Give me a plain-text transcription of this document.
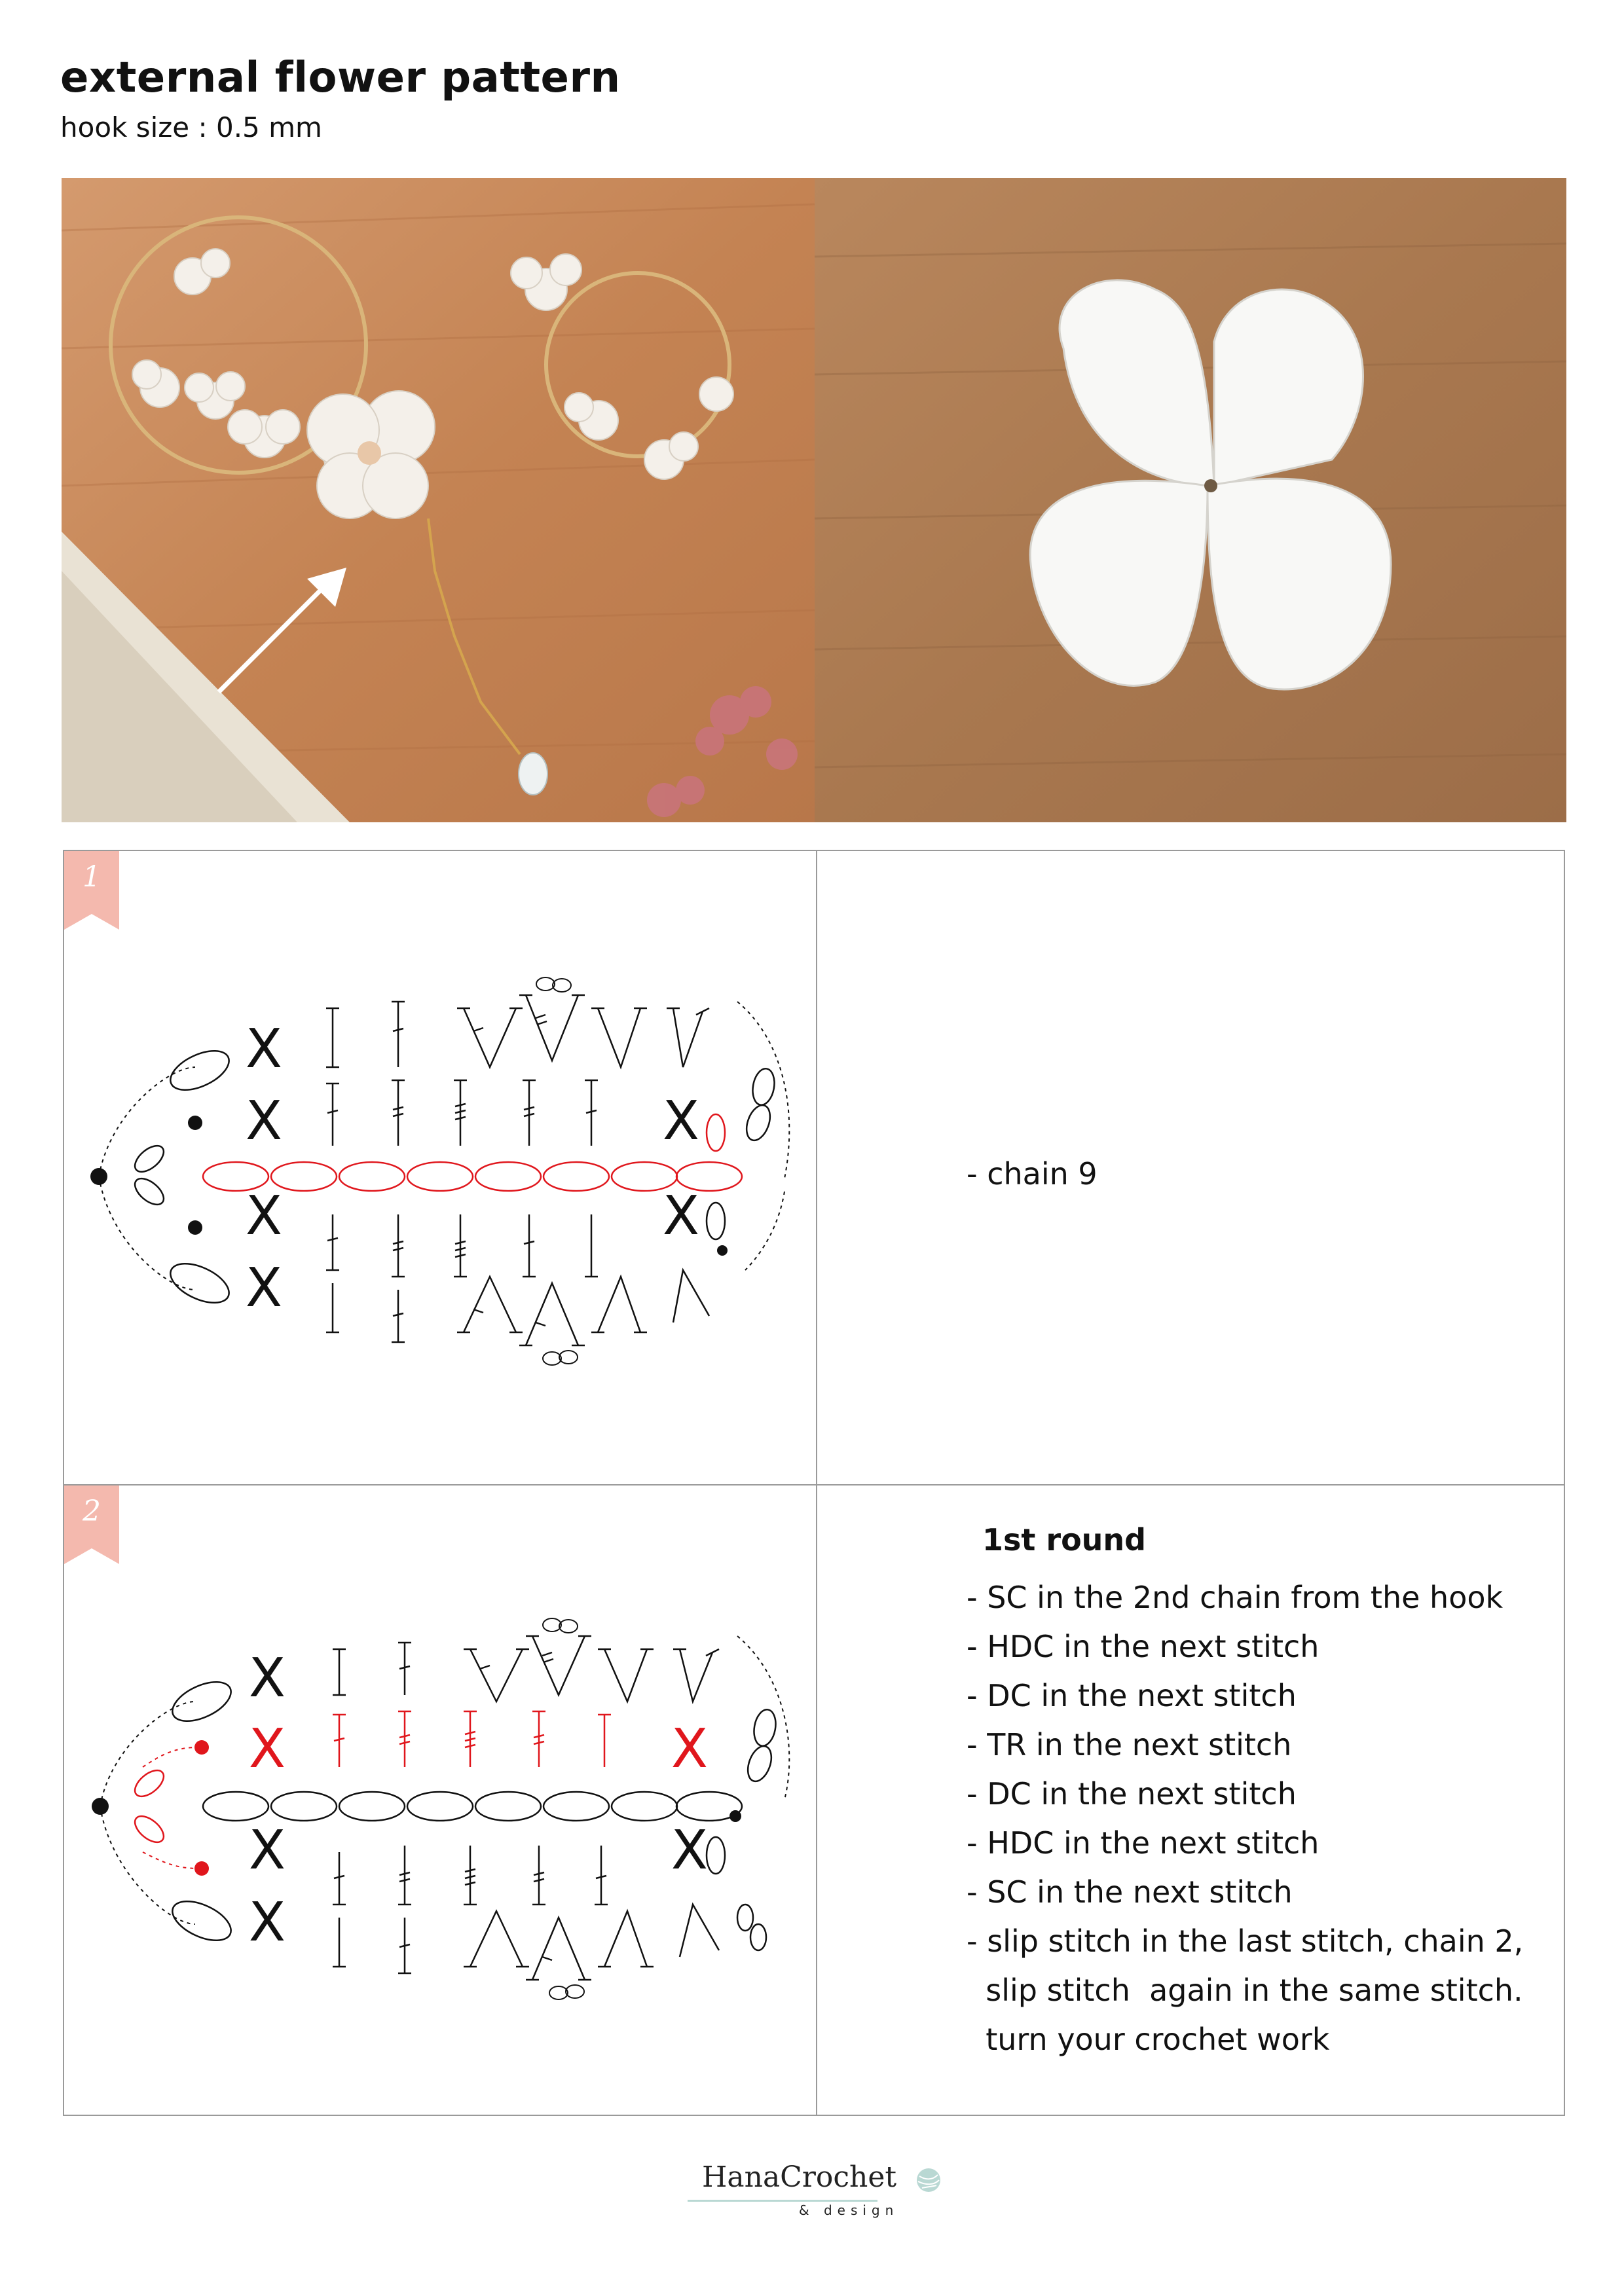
external flower pattern
hook size : 0.5 mm
1
X
X
X
X
X
X
2
X
X
X
X
X
X
- chain 9
1st round
- SC in the 2nd chain from the hook
- HDC in the next stitch
- DC in the next stitch
- TR in the next stitch
- DC in the next stitch
- HDC in the next stitch
- SC in the next stitch
- slip stitch in the last stitch, chain 2,
slip stitch  again in the same stitch.
turn your crochet work
HanaCrochet
& design
